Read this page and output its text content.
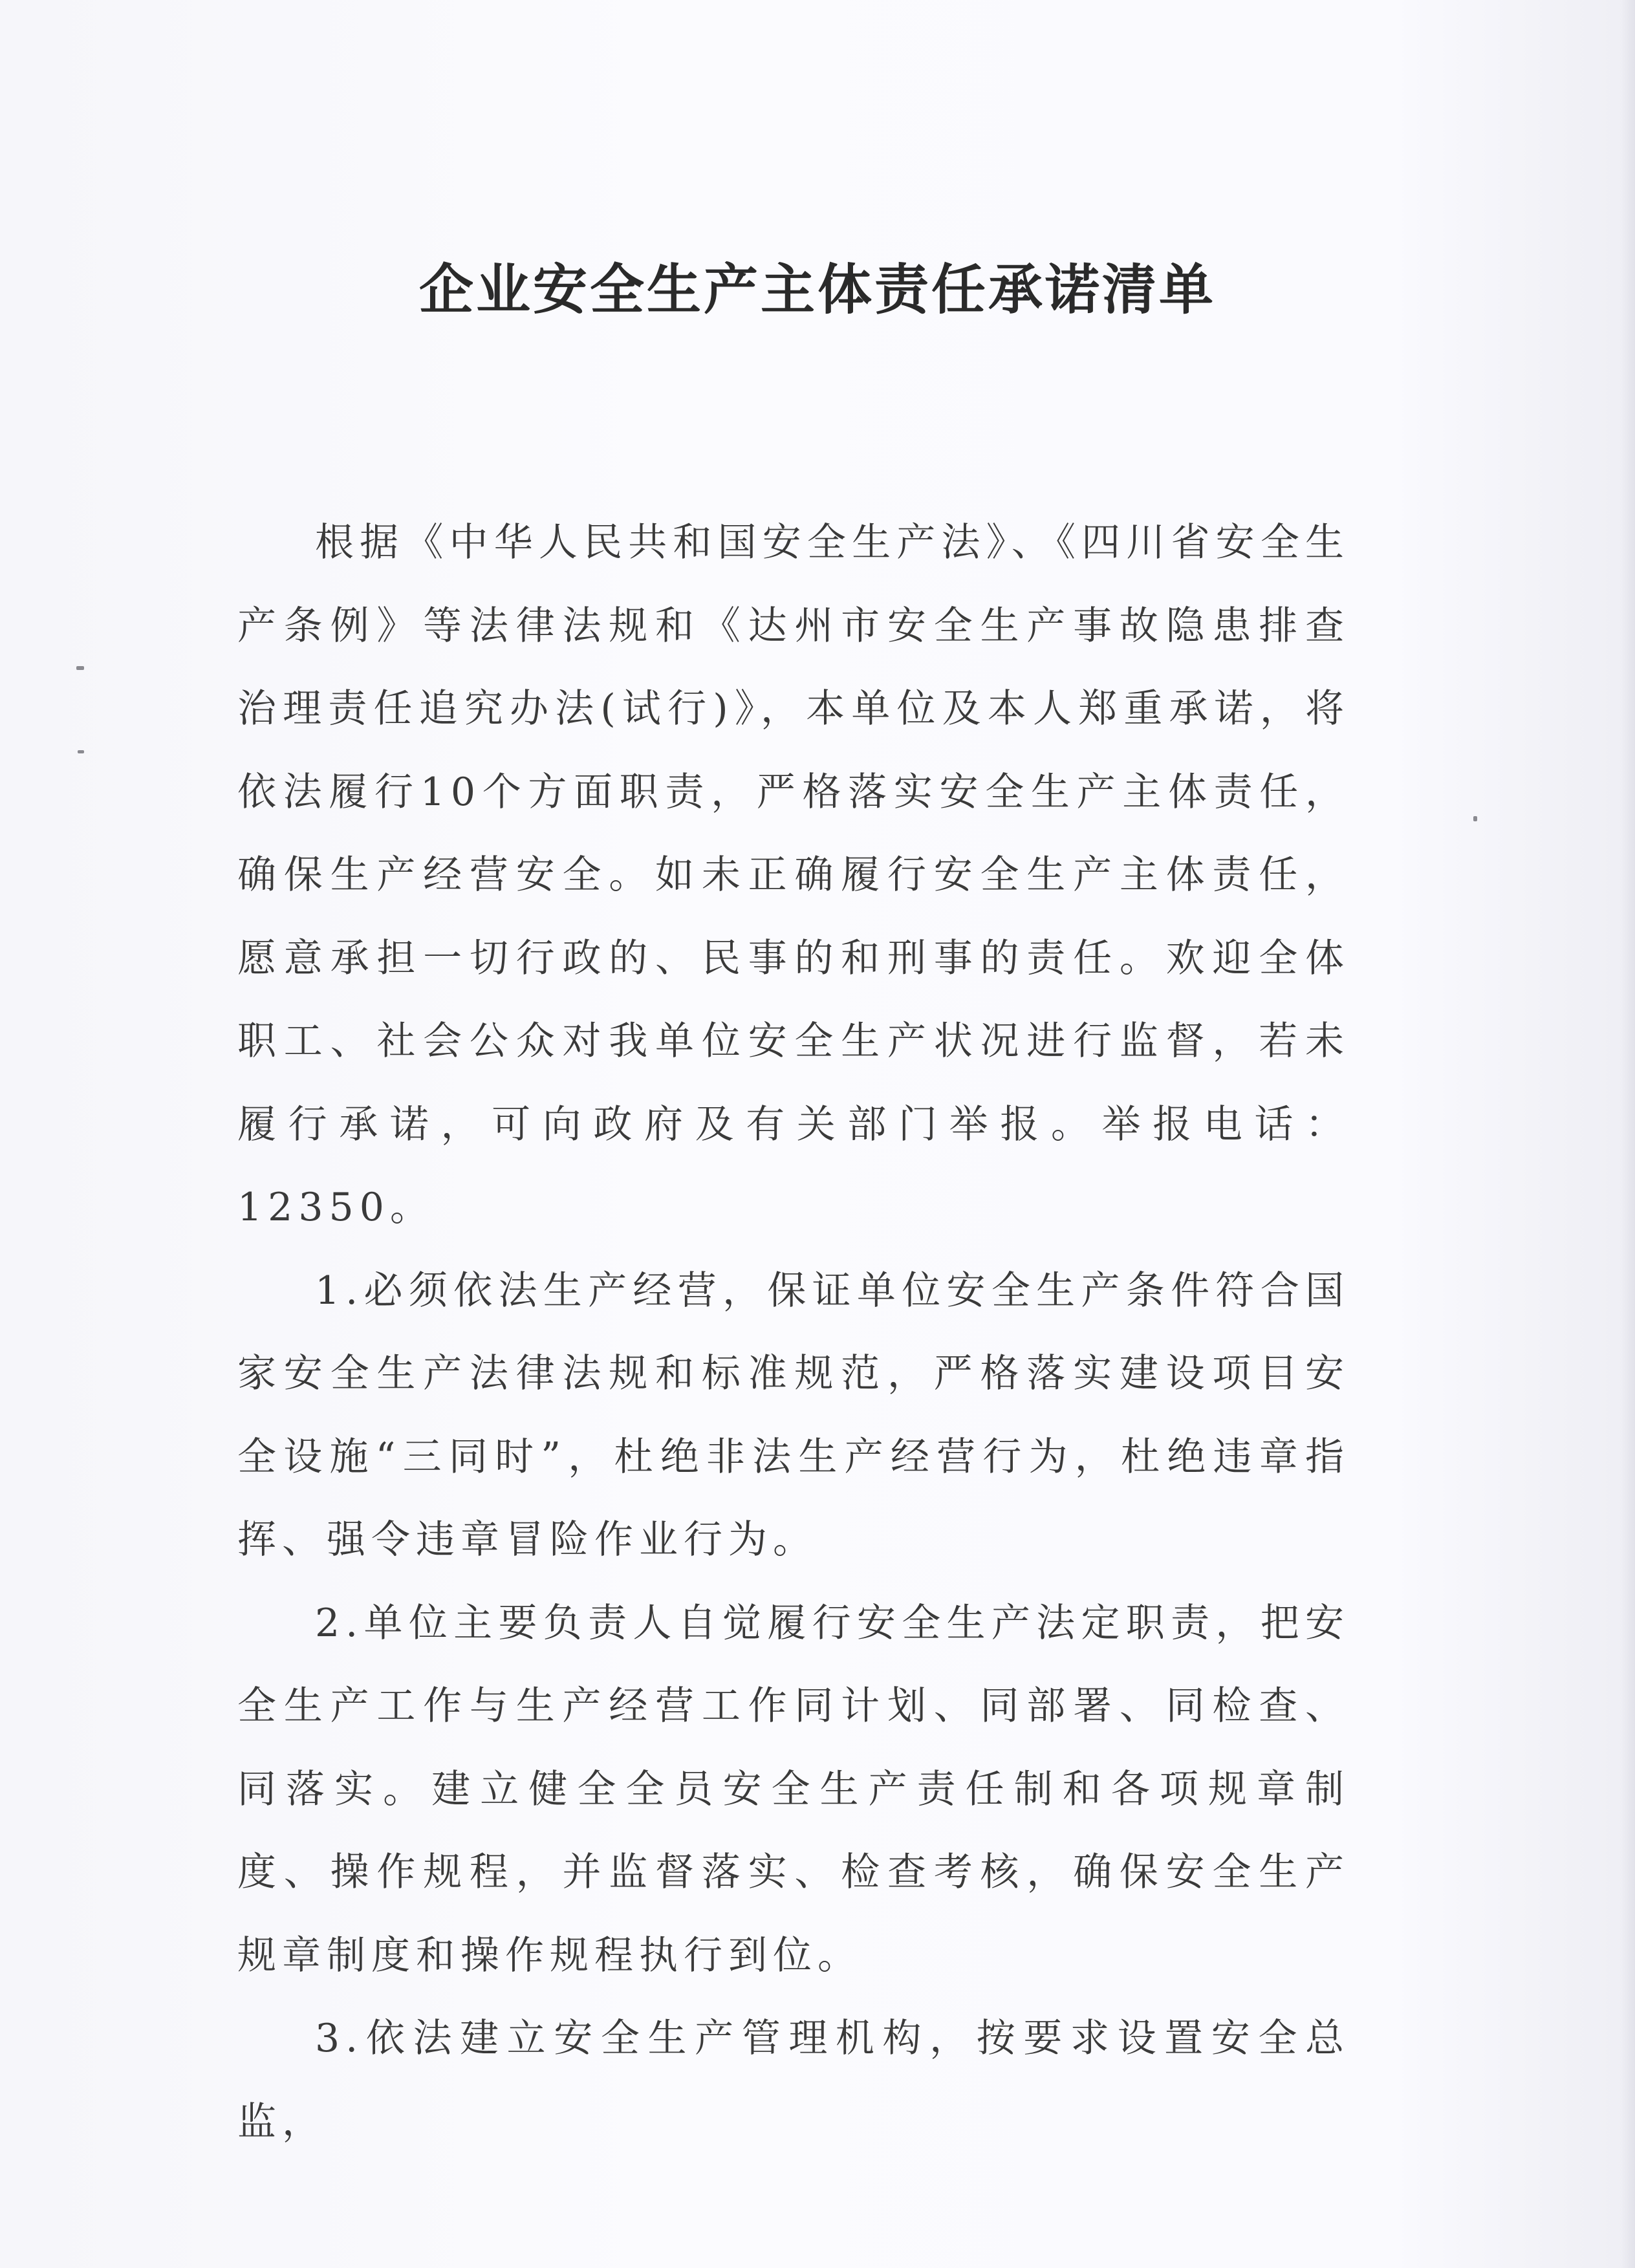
企业安全生产主体责任承诺清单

根据《中华人民共和国安全生产法》、《四川省安全生产条例》等法律法规和《达州市安全生产事故隐患排查治理责任追究办法(试行)》，本单位及本人郑重承诺，将依法履行10个方面职责，严格落实安全生产主体责任，确保生产经营安全。如未正确履行安全生产主体责任，愿意承担一切行政的、民事的和刑事的责任。欢迎全体职工、社会公众对我单位安全生产状况进行监督，若未履行承诺，可向政府及有关部门举报。举报电话：12350。

1.必须依法生产经营，保证单位安全生产条件符合国家安全生产法律法规和标准规范，严格落实建设项目安全设施“三同时”，杜绝非法生产经营行为，杜绝违章指挥、强令违章冒险作业行为。

2.单位主要负责人自觉履行安全生产法定职责，把安全生产工作与生产经营工作同计划、同部署、同检查、同落实。建立健全全员安全生产责任制和各项规章制度、操作规程，并监督落实、检查考核，确保安全生产规章制度和操作规程执行到位。

3.依法建立安全生产管理机构，按要求设置安全总监，
